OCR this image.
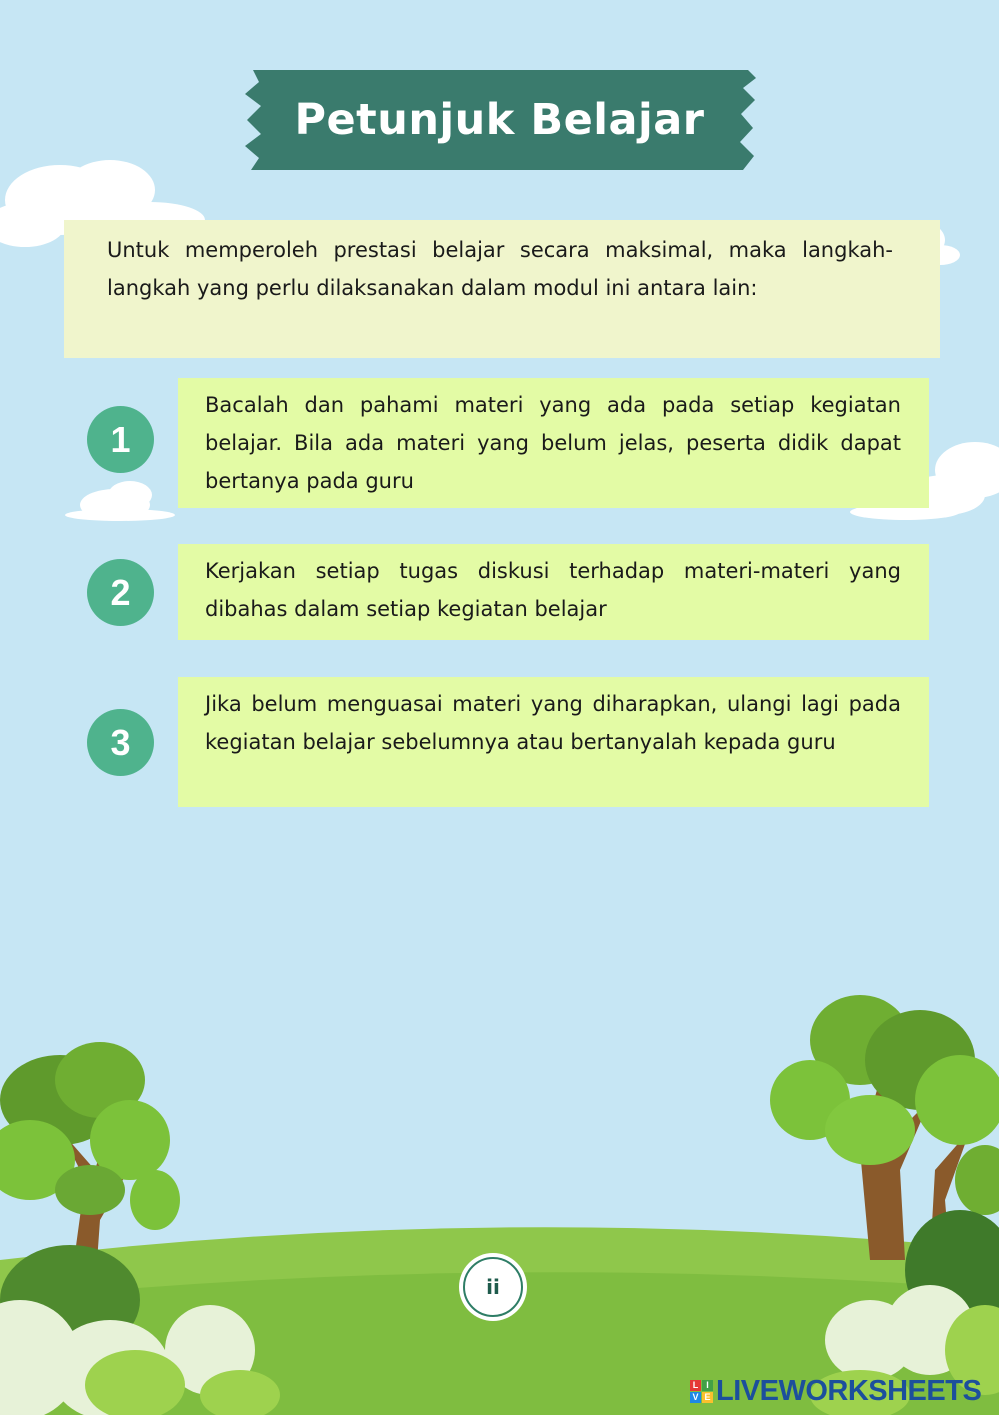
Petunjuk Belajar
Untuk memperoleh prestasi belajar secara maksimal, maka langkah-langkah yang perlu dilaksanakan dalam modul ini antara lain:
1
Bacalah dan pahami materi yang ada pada setiap kegiatan belajar. Bila ada materi yang belum jelas, peserta didik dapat bertanya pada guru
2
Kerjakan setiap tugas diskusi terhadap materi-materi yang dibahas dalam setiap kegiatan belajar
3
Jika belum menguasai materi yang diharapkan, ulangi lagi pada kegiatan belajar sebelumnya atau bertanyalah kepada guru
ii
L I
V E LIVEWORKSHEETS
